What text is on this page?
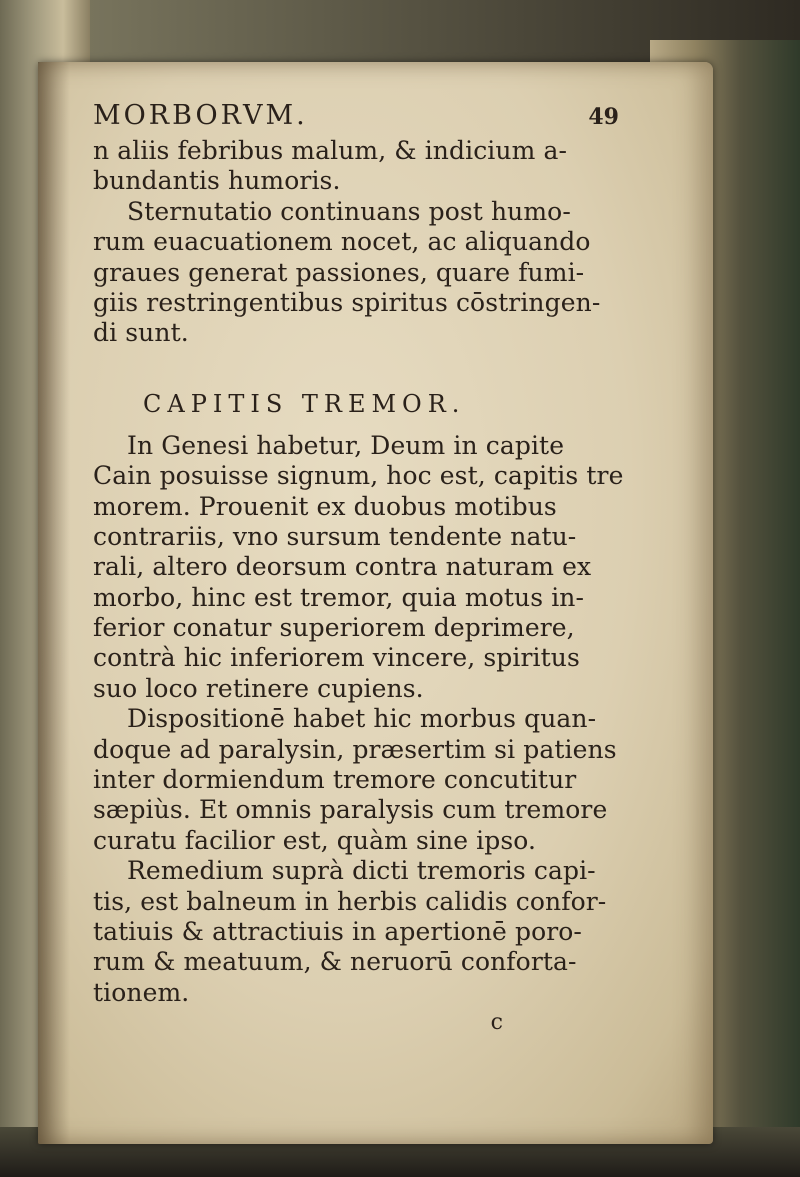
MORBORVM.	49
n aliis febribus malum, & indicium a-
bundantis humoris.
Sternutatio continuans post humo-
rum euacuationem nocet, ac aliquando
graues generat passiones, quare fumi-
giis restringentibus spiritus cōstringen-
di sunt.
CAPITIS TREMOR.
In Genesi habetur, Deum in capite
Cain posuisse signum, hoc est, capitis tre
morem. Prouenit ex duobus motibus
contrariis, vno sursum tendente natu-
rali, altero deorsum contra naturam ex
morbo, hinc est tremor, quia motus in-
ferior conatur superiorem deprimere,
contrà hic inferiorem vincere, spiritus
suo loco retinere cupiens.
Dispositionē habet hic morbus quan-
doque ad paralysin, præsertim si patiens
inter dormiendum tremore concutitur
sæpiùs. Et omnis paralysis cum tremore
curatu facilior est, quàm sine ipso.
Remedium suprà dicti tremoris capi-
tis, est balneum in herbis calidis confor-
tatiuis & attractiuis in apertionē poro-
rum & meatuum, & neruorū conforta-
tionem.
c
